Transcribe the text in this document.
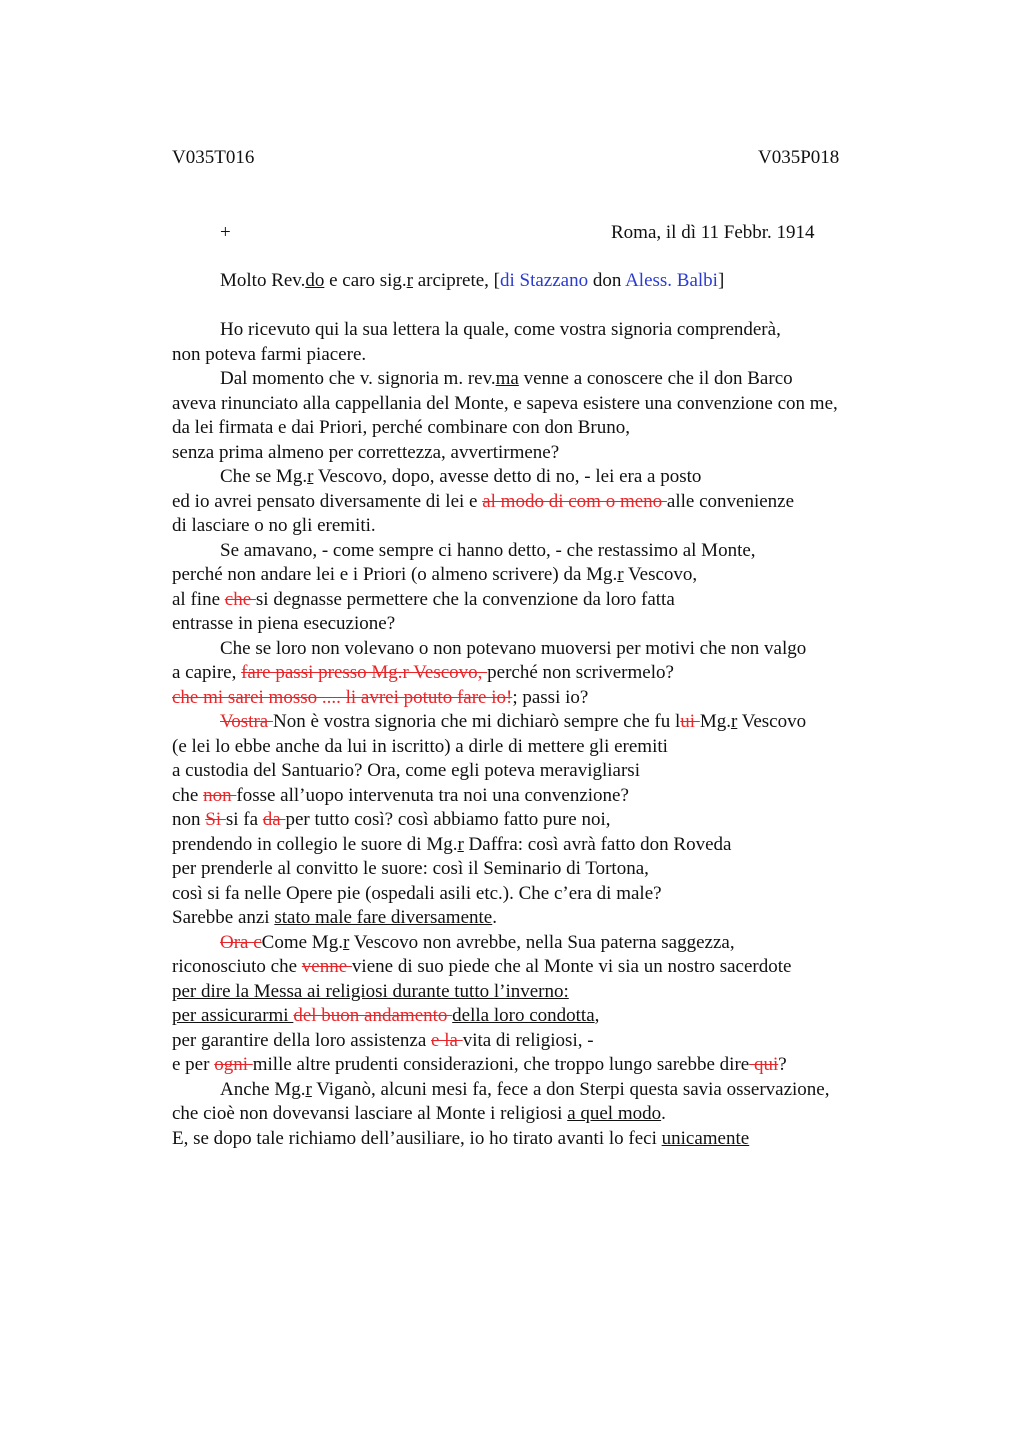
V035T016	V035P018
+	Roma, il dì 11 Febbr. 1914
Molto Rev.do e caro sig.r arciprete, [di Stazzano don Aless. Balbi]
Ho ricevuto qui la sua lettera la quale, come vostra signoria comprenderà,
non poteva farmi piacere.
Dal momento che v. signoria m. rev.ma venne a conoscere che il don Barco
aveva rinunciato alla cappellania del Monte, e sapeva esistere una convenzione con me,
da lei firmata e dai Priori, perché combinare con don Bruno,
senza prima almeno per correttezza, avvertirmene?
Che se Mg.r Vescovo, dopo, avesse detto di no, - lei era a posto
ed io avrei pensato diversamente di lei e al modo di com o meno alle convenienze
di lasciare o no gli eremiti.
Se amavano, - come sempre ci hanno detto, - che restassimo al Monte,
perché non andare lei e i Priori (o almeno scrivere) da Mg.r Vescovo,
al fine che si degnasse permettere che la convenzione da loro fatta
entrasse in piena esecuzione?
Che se loro non volevano o non potevano muoversi per motivi che non valgo
a capire, fare passi presso Mg.r Vescovo, perché non scrivermelo?
che mi sarei mosso .... li avrei potuto fare io!; passi io?
Vostra Non è vostra signoria che mi dichiarò sempre che fu lui Mg.r Vescovo
(e lei lo ebbe anche da lui in iscritto) a dirle di mettere gli eremiti
a custodia del Santuario? Ora, come egli poteva meravigliarsi
che non fosse all’uopo intervenuta tra noi una convenzione?
non Si si fa da per tutto così? così abbiamo fatto pure noi,
prendendo in collegio le suore di Mg.r Daffra: così avrà fatto don Roveda
per prenderle al convitto le suore: così il Seminario di Tortona,
così si fa nelle Opere pie (ospedali asili etc.). Che c’era di male?
Sarebbe anzi stato male fare diversamente.
Ora cCome Mg.r Vescovo non avrebbe, nella Sua paterna saggezza,
riconosciuto che venne viene di suo piede che al Monte vi sia un nostro sacerdote
per dire la Messa ai religiosi durante tutto l’inverno:
per assicurarmi del buon andamento della loro condotta,
per garantire della loro assistenza e la vita di religiosi, -
e per ogni mille altre prudenti considerazioni, che troppo lungo sarebbe dire qui?
Anche Mg.r Viganò, alcuni mesi fa, fece a don Sterpi questa savia osservazione,
che cioè non dovevansi lasciare al Monte i religiosi a quel modo.
E, se dopo tale richiamo dell’ausiliare, io ho tirato avanti lo feci unicamente
